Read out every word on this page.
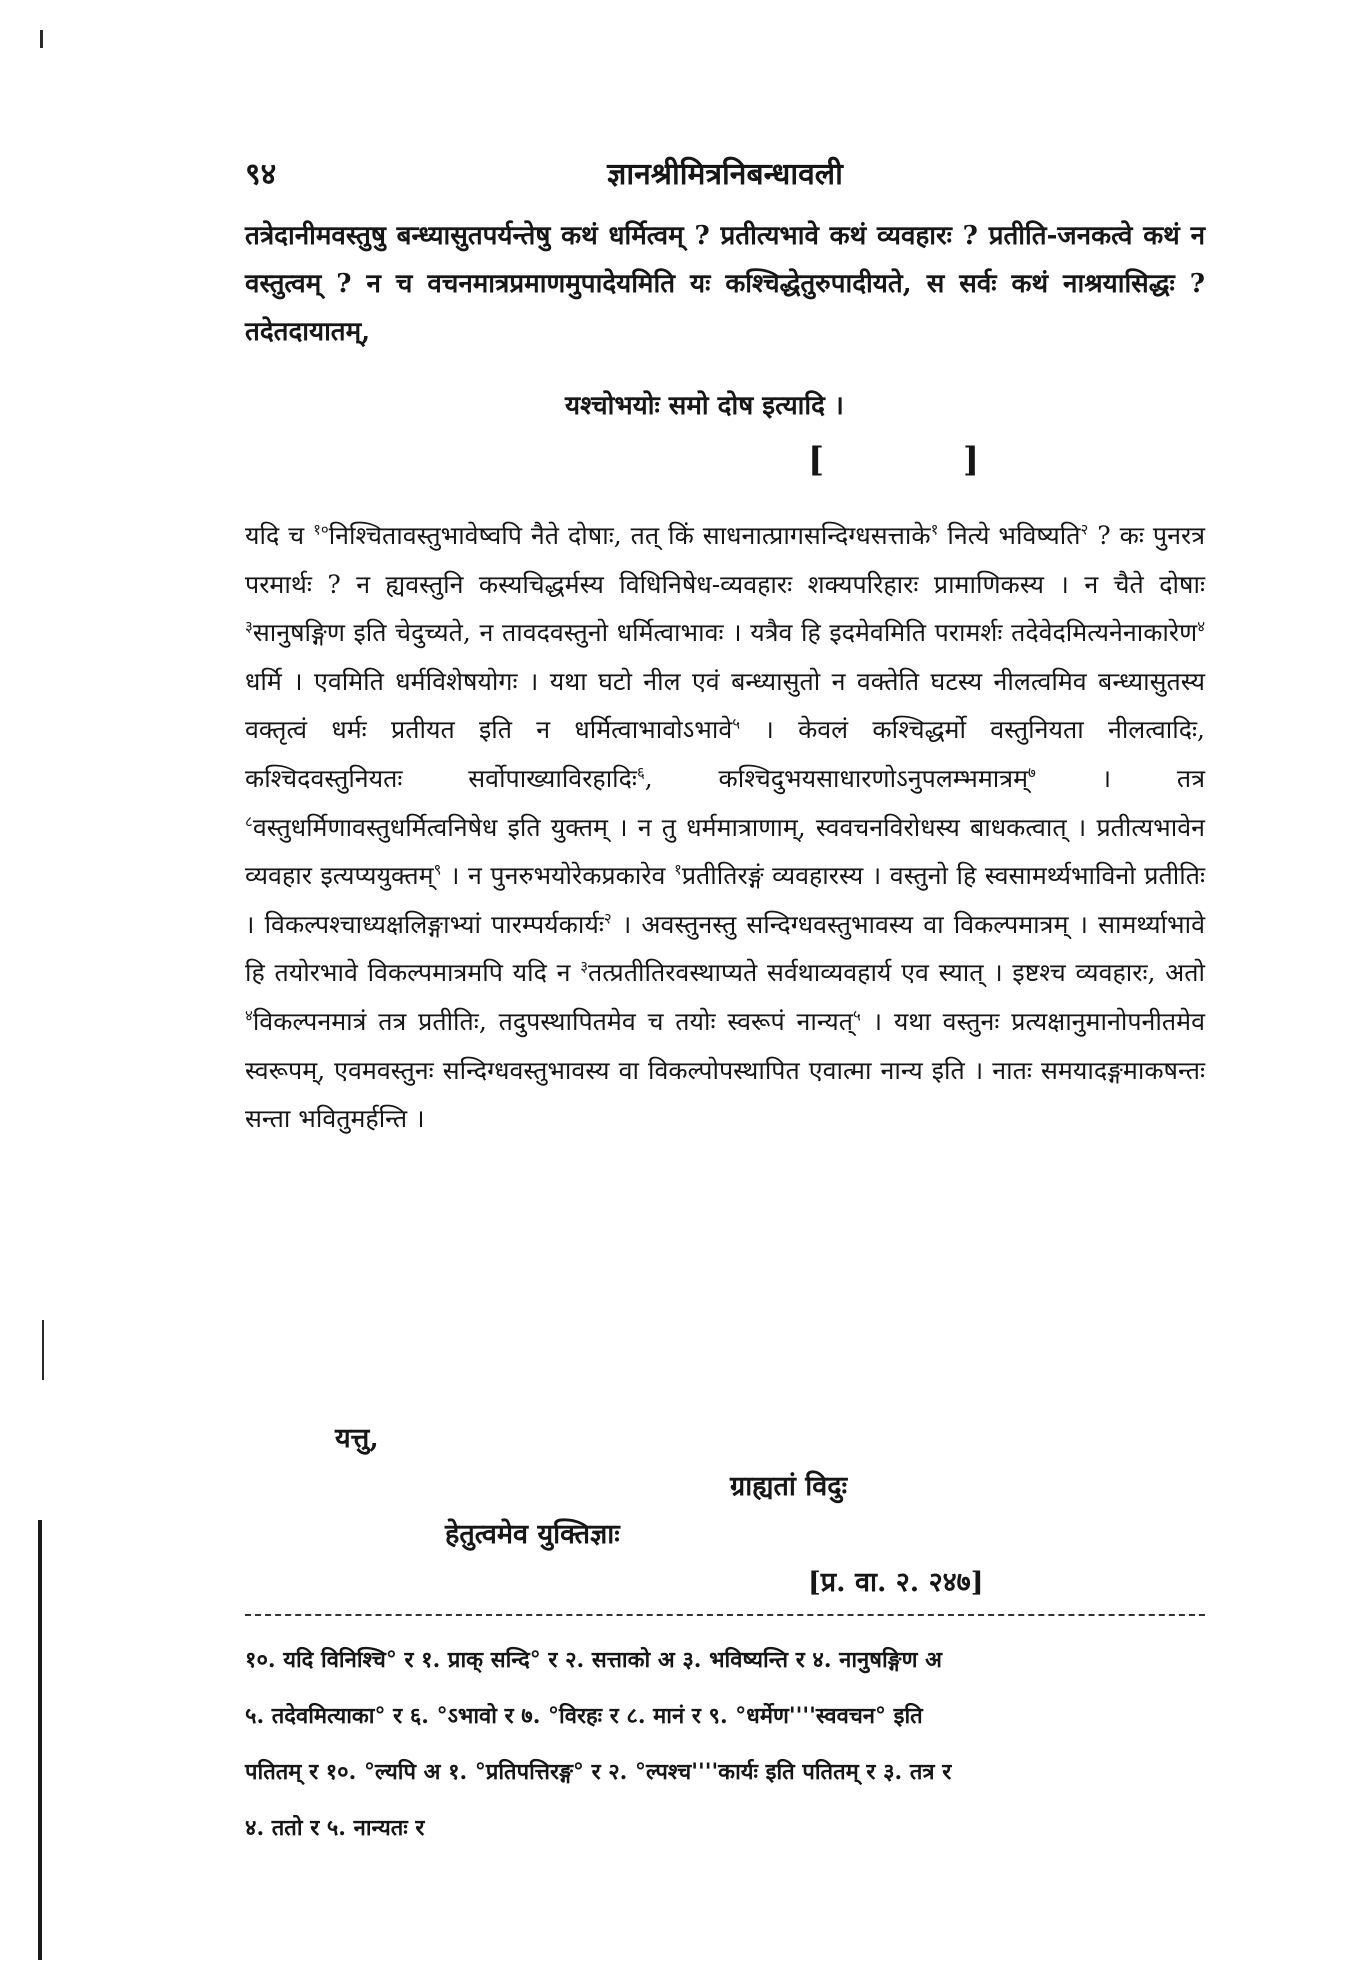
९४	ज्ञानश्रीमित्रनिबन्धावली
तत्रेदानीमवस्तुषु बन्ध्यासुतपर्यन्तेषु कथं धर्मित्वम् ? प्रतीत्यभावे कथं व्यवहारः ? प्रतीति-जनकत्वे कथं न वस्तुत्वम् ? न च वचनमात्रप्रमाणमुपादेयमिति यः कश्चिद्धेतुरुपादीयते, स सर्वः कथं नाश्रयासिद्धः ? तदेतदायातम्,
यश्चोभयोः समो दोष इत्यादि ।
[	]
यदि च $^{१०}$निश्चितावस्तुभावेष्वपि नैते दोषाः, तत् किं साधनात्प्रागसन्दिग्धसत्ताके$^१$ नित्ये भविष्यति$^२$ ? कः पुनरत्र परमार्थः ? न ह्यवस्तुनि कस्यचिद्धर्मस्य विधिनिषेध-व्यवहारः शक्यपरिहारः प्रामाणिकस्य । न चैते दोषाः $^३$सानुषङ्गिण इति चेदुच्यते, न तावदवस्तुनो धर्मित्वाभावः । यत्रैव हि इदमेवमिति परामर्शः तदेवेदमित्यनेनाकारेण$^४$ धर्मि । एवमिति धर्मविशेषयोगः । यथा घटो नील एवं बन्ध्यासुतो न वक्तेति घटस्य नीलत्वमिव बन्ध्यासुतस्य वक्तृत्वं धर्मः प्रतीयत इति न धर्मित्वाभावोऽभावे$^५$ । केवलं कश्चिद्धर्मो वस्तुनियता नीलत्वादिः, कश्चिदवस्तुनियतः सर्वोपाख्याविरहादिः$^६$, कश्चिदुभयसाधारणोऽनुपलम्भमात्रम्$^७$	। तत्र $^८$वस्तुधर्मिणावस्तुधर्मित्वनिषेध इति युक्तम् । न तु धर्ममात्राणाम्, स्ववचनविरोधस्य बाधकत्वात् । प्रतीत्यभावेन व्यवहार इत्यप्ययुक्तम्$^९$ । न पुनरुभयोरेकप्रकारेव $^१$प्रतीतिरङ्गं व्यवहारस्य । वस्तुनो हि स्वसामर्थ्यभाविनो प्रतीतिः । विकल्पश्चाध्यक्षलिङ्गाभ्यां पारम्पर्यकार्यः$^२$ । अवस्तुनस्तु सन्दिग्धवस्तुभावस्य वा विकल्पमात्रम् । सामर्थ्याभावे हि तयोरभावे विकल्पमात्रमपि यदि न $^३$तत्प्रतीतिरवस्थाप्यते सर्वथाव्यवहार्य एव स्यात् । इष्टश्च व्यवहारः, अतो $^४$विकल्पनमात्रं तत्र प्रतीतिः, तदुपस्थापितमेव च तयोः स्वरूपं नान्यत्$^५$ । यथा वस्तुनः प्रत्यक्षानुमानोपनीतमेव स्वरूपम्, एवमवस्तुनः सन्दिग्धवस्तुभावस्य वा विकल्पोपस्थापित एवात्मा नान्य इति । नातः समयादङ्गमाकषन्तः सन्ता भवितुमर्हन्ति ।
यत्तु,
ग्राह्यतां विदुः
हेतुत्वमेव युक्तिज्ञाः
[प्र. वा. २. २४७]
१०. यदि विनिश्चि° र १. प्राक् सन्दि° र २. सत्ताको अ ३. भविष्यन्ति र ४. नानुषङ्गिण अ
५. तदेवमित्याका° र ६. °ऽभावो र ७. °विरहः र ८. मानं र ९. °धर्मेण''''स्ववचन° इति
पतितम् र १०. °ल्यपि अ १. °प्रतिपत्तिरङ्ग° र २. °ल्पश्च''''कार्यः इति पतितम् र ३. तत्र र
४. ततो र ५. नान्यतः र
